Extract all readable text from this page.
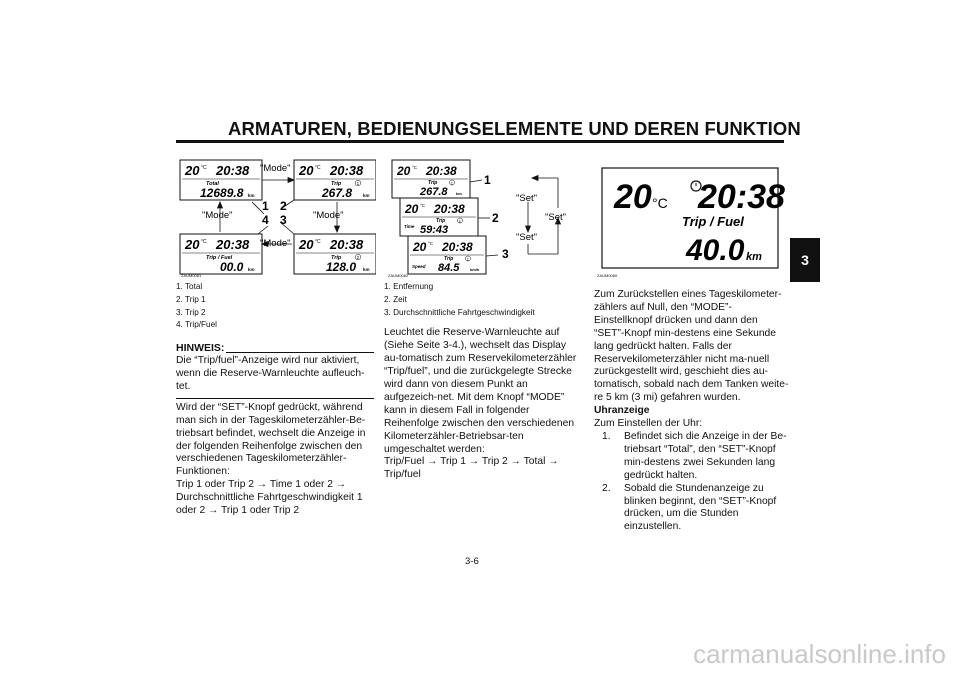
ARMATUREN, BEDIENUNGSELEMENTE UND DEREN FUNKTION
3
20 °C 20:38
Total
12689.8 km
20 °C 20:38
Trip	1
267.8 km
20 °C 20:38
Trip / Fuel
00.0 km
20 °C 20:38
Trip	2
128.0 km
"Mode"
"Mode"	"Mode"
"Mode"
1 2
3
4
ZAUM0081
1. Total
2. Trip 1
3. Trip 2
4. Trip/Fuel
HINWEIS:

Die “Trip/fuel”-Anzeige wird nur aktiviert, wenn die Reserve-Warnleuchte aufleuch-tet.

Wird der “SET”-Knopf gedrückt, während man sich in der Tageskilometerzähler-Be-triebsart befindet, wechselt die Anzeige in der folgenden Reihenfolge zwischen den verschiedenen Tageskilometerzähler-Funktionen:

Trip 1 oder Trip 2 → Time 1 oder 2 → Durchschnittliche Fahrtgeschwindigkeit 1 oder 2 → Trip 1 oder Trip 2

20 °C 20:38
Trip	1
267.8 km
20 °C 20:38
Trip	1
Time 59:43
20 °C 20:38
Trip	1
Speed 84.5	km/h
1
2
3
"Set"
"Set"
"Set"
ZAUM0082
1. Entfernung
2. Zeit
3. Durchschnittliche Fahrtgeschwindigkeit

Leuchtet die Reserve-Warnleuchte auf (Siehe Seite 3-4.), wechselt das Display au-tomatisch zum Reservekilometerzähler “Trip/fuel”, und die zurückgelegte Strecke wird dann von diesem Punkt an aufgezeich-net. Mit dem Knopf “MODE” kann in diesem Fall in folgender Reihenfolge zwischen den verschiedenen Kilometerzähler-Betriebsar-ten umgeschaltet werden:

Trip/Fuel → Trip 1 → Trip 2 → Total → Trip/fuel

20 °C 20:38
Trip / Fuel
40.0 km
ZAUM0080

Zum Zurückstellen eines Tageskilometer-zählers auf Null, den “MODE”-Einstellknopf drücken und dann den “SET”-Knopf min-destens eine Sekunde lang gedrückt halten. Falls der Reservekilometerzähler nicht ma-nuell zurückgestellt wird, geschieht dies au-tomatisch, sobald nach dem Tanken weite-re 5 km (3 mi) gefahren wurden.

Uhranzeige

Zum Einstellen der Uhr:

1.	Befindet sich die Anzeige in der Be-triebsart “Total”, den “SET”-Knopf min-destens zwei Sekunden lang gedrückt halten.
2.	Sobald die Stundenanzeige zu blinken beginnt, den “SET”-Knopf drücken, um die Stunden einzustellen.
3-6
carmanualsonline.info
